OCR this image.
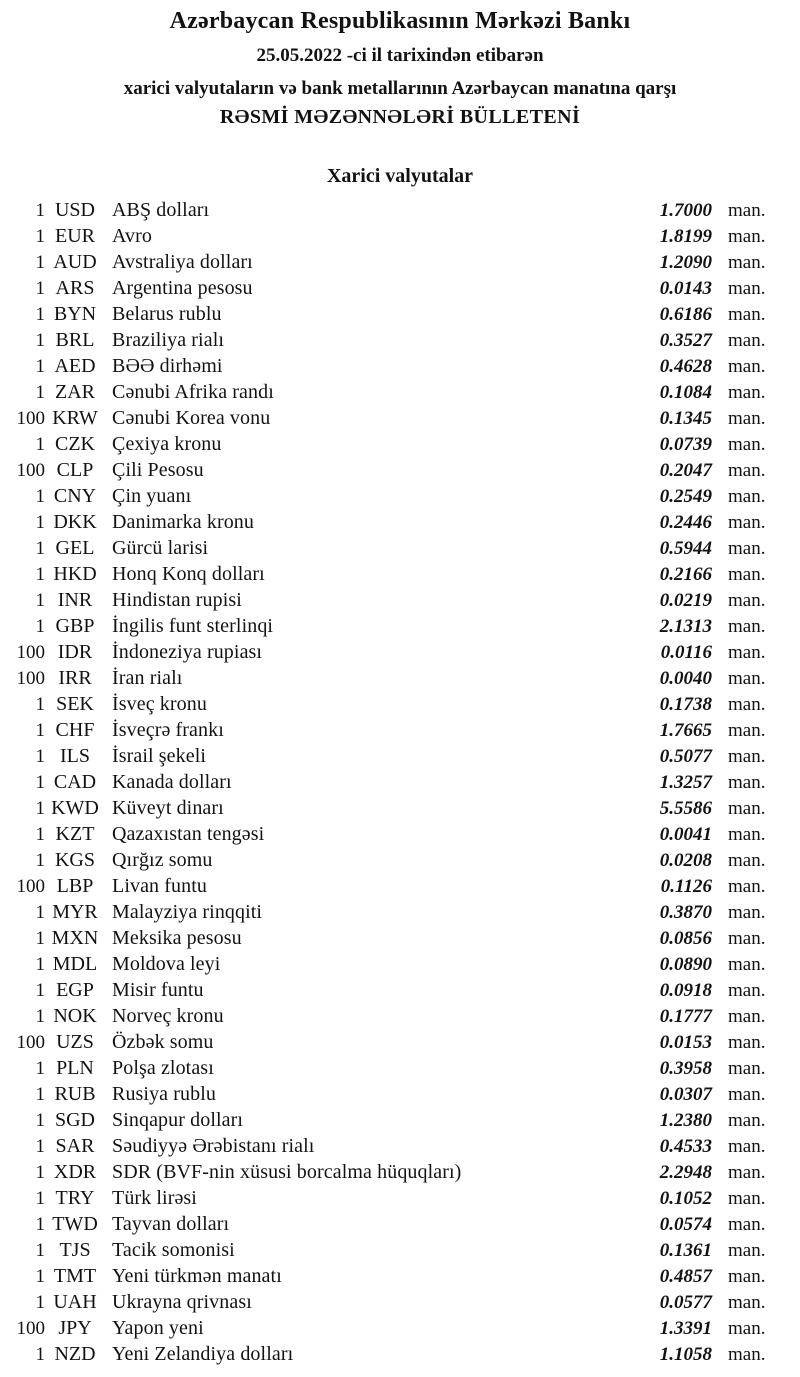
Azərbaycan Respublikasının Mərkəzi Bankı
25.05.2022 -ci il tarixindən etibarən
xarici valyutaların və bank metallarının Azərbaycan manatına qarşı
RƏSMİ MƏZƏNNƏLƏRİ BÜLLETENİ
Xarici valyutalar
1 USD ABŞ dolları	1.7000 man.
1 EUR Avro	1.8199 man.
1 AUD Avstraliya dolları	1.2090 man.
1 ARS Argentina pesosu	0.0143 man.
1 BYN Belarus rublu	0.6186 man.
1 BRL Braziliya rialı	0.3527 man.
1 AED BƏƏ dirhəmi	0.4628 man.
1 ZAR Cənubi Afrika randı	0.1084 man.
100 KRW Cənubi Korea vonu	0.1345 man.
1 CZK Çexiya kronu	0.0739 man.
100 CLP Çili Pesosu	0.2047 man.
1 CNY Çin yuanı	0.2549 man.
1 DKK Danimarka kronu	0.2446 man.
1 GEL Gürcü larisi	0.5944 man.
1 HKD Honq Konq dolları	0.2166 man.
1 INR Hindistan rupisi	0.0219 man.
1 GBP İngilis funt sterlinqi	2.1313 man.
100 IDR İndoneziya rupiası	0.0116 man.
100 IRR	İran rialı	0.0040 man.
1 SEK İsveç kronu	0.1738 man.
1 CHF İsveçrə frankı	1.7665 man.
1 ILS	İsrail şekeli	0.5077 man.
1 CAD Kanada dolları	1.3257 man.
1 KWD Küveyt dinarı	5.5586 man.
1 KZT Qazaxıstan tengəsi	0.0041 man.
1 KGS Qırğız somu	0.0208 man.
100 LBP Livan funtu	0.1126 man.
1 MYR Malayziya rinqqiti	0.3870 man.
1 MXN Meksika pesosu	0.0856 man.
1 MDL Moldova leyi	0.0890 man.
1 EGP Misir funtu	0.0918 man.
1 NOK Norveç kronu	0.1777 man.
100 UZS Özbək somu	0.0153 man.
1 PLN Polşa zlotası	0.3958 man.
1 RUB Rusiya rublu	0.0307 man.
1 SGD Sinqapur dolları	1.2380 man.
1 SAR Səudiyyə Ərəbistanı rialı	0.4533 man.
1 XDR SDR (BVF-nin xüsusi borcalma hüquqları)	2.2948 man.
1 TRY Türk lirəsi	0.1052 man.
1 TWD Tayvan dolları	0.0574 man.
1 TJS	Tacik somonisi	0.1361 man.
1 TMT Yeni türkmən manatı	0.4857 man.
1 UAH Ukrayna qrivnası	0.0577 man.
100 JPY	Yapon yeni	1.3391 man.
1 NZD Yeni Zelandiya dolları	1.1058 man.
